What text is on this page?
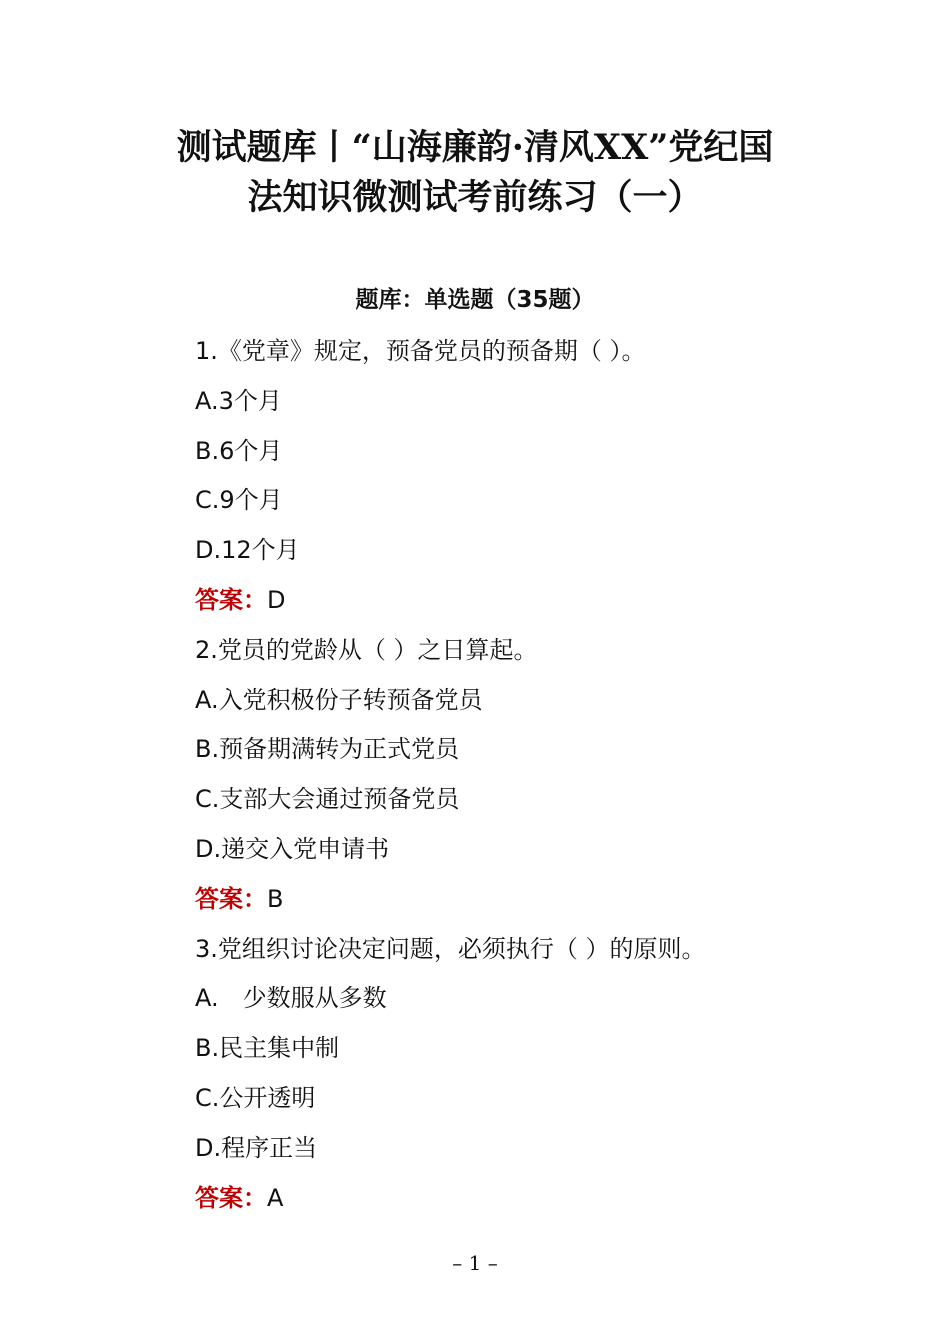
测试题库丨“山海廉韵·清风XX”党纪国
法知识微测试考前练习（一）
题库：单选题（35题）
1.《党章》规定，预备党员的预备期（ ）。
A.3个月
B.6个月
C.9个月
D.12个月
答案：D
2.党员的党龄从（ ）之日算起。
A.入党积极份子转预备党员
B.预备期满转为正式党员
C.支部大会通过预备党员
D.递交入党申请书
答案：B
3.党组织讨论决定问题，必须执行（ ）的原则。
A.　少数服从多数
B.民主集中制
C.公开透明
D.程序正当
答案：A
– 1 –
